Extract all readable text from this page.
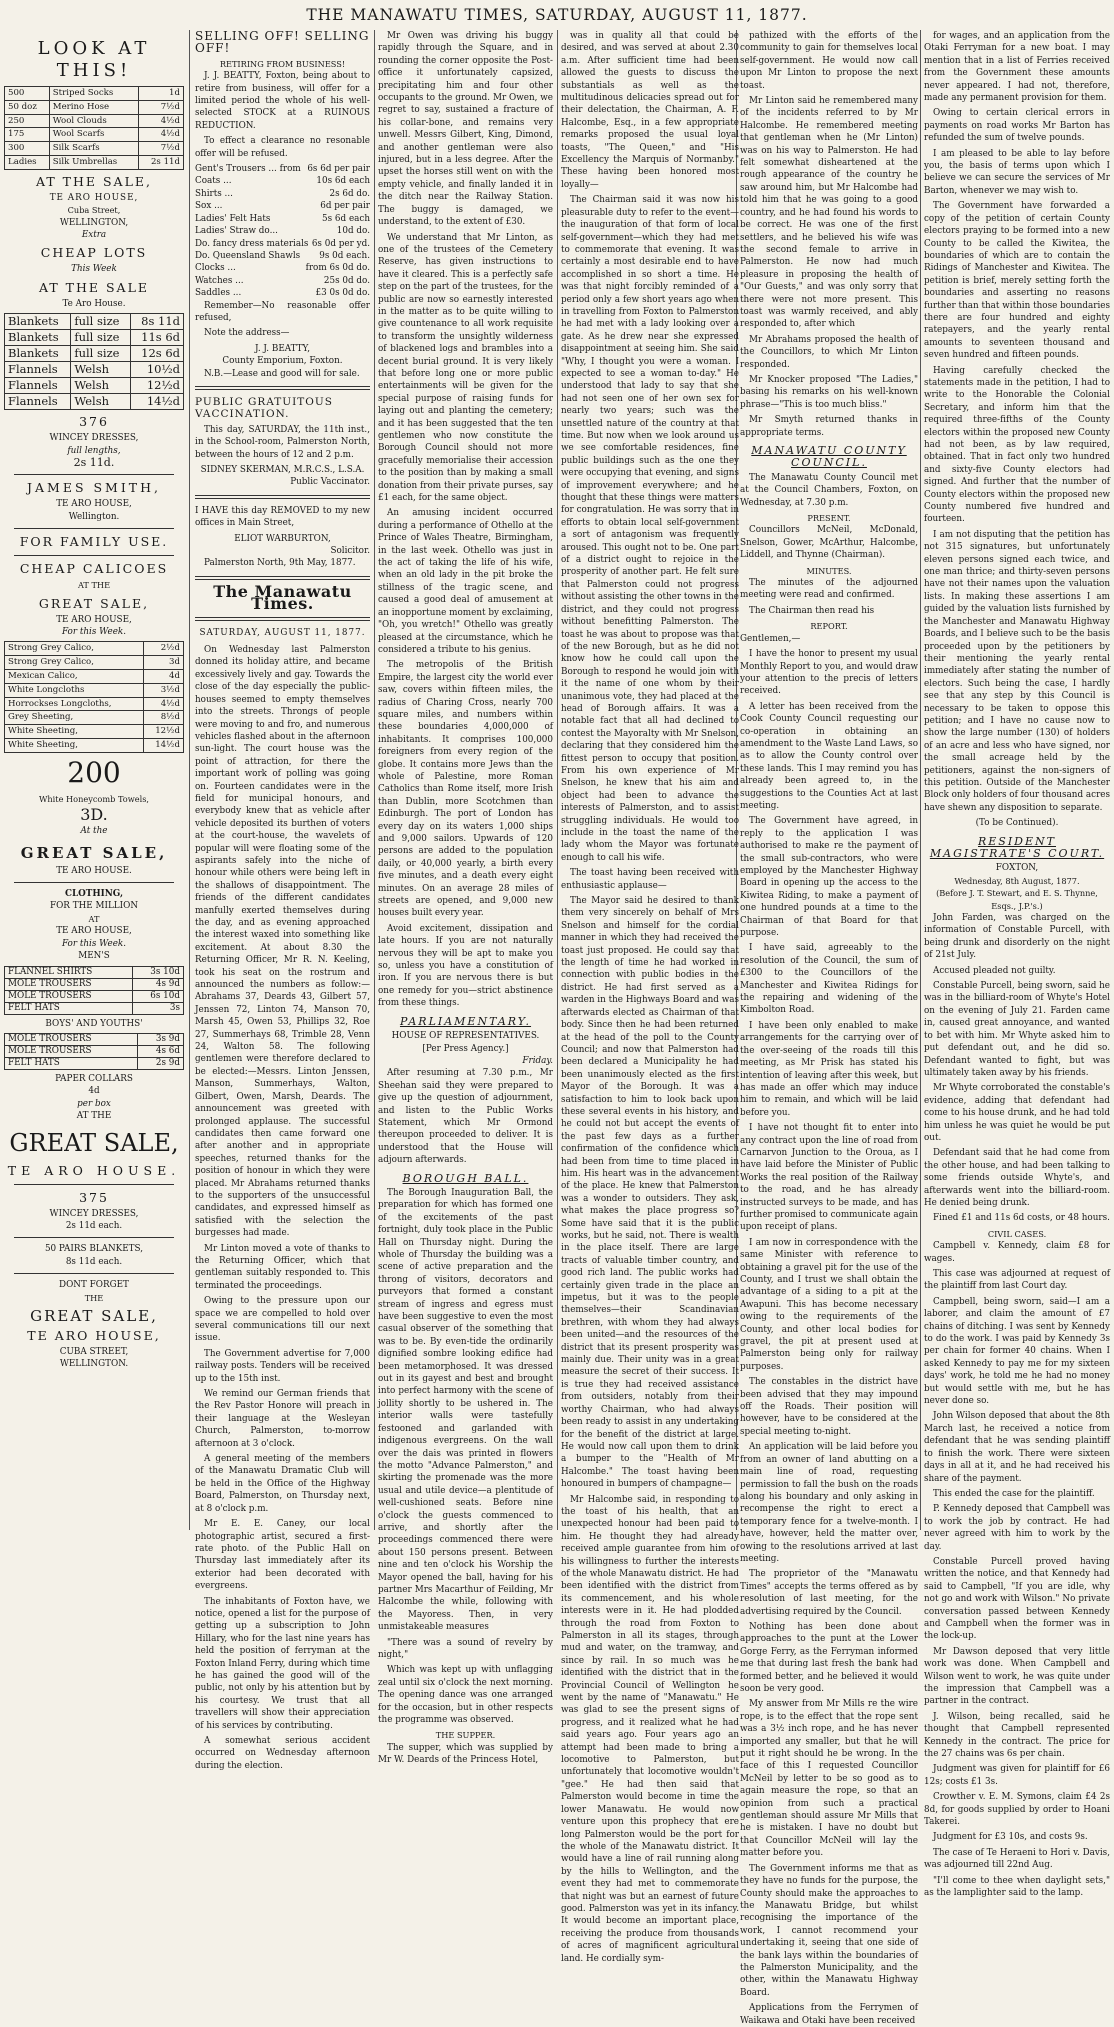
THE MANAWATU TIMES, SATURDAY, AUGUST 11, 1877.
LOOK AT THIS!
500	Striped Socks	1d
50 doz	Merino Hose	7½d
250	Wool Clouds	4½d
175	Wool Scarfs	4½d
300	Silk Scarfs	7½d
Ladies	Silk Umbrellas	2s 11d
AT THE SALE,
TE ARO HOUSE,
Cuba Street,
WELLINGTON,
Extra
CHEAP LOTS
This Week
AT THE SALE
Te Aro House.
Blankets	full size	8s 11d
Blankets	full size	11s 6d
Blankets	full size	12s 6d
Flannels	Welsh	10½d
Flannels	Welsh	12½d
Flannels	Welsh	14½d
376
WINCEY DRESSES,
full lengths,
2s 11d.
JAMES SMITH,
TE ARO HOUSE,
Wellington.
FOR FAMILY USE.
CHEAP CALICOES
AT THE
GREAT SALE,
TE ARO HOUSE,
For this Week.
Strong Grey Calico,	2½d
Strong Grey Calico,	3d
Mexican Calico,	4d
White Longcloths	3½d
Horrockses Longcloths,	4½d
Grey Sheeting,	8½d
White Sheeting,	12½d
White Sheeting,	14½d
200
White Honeycomb Towels,
3D.
At the
GREAT SALE,
TE ARO HOUSE.
CLOTHING,
FOR THE MILLION
AT
TE ARO HOUSE,
For this Week.
MEN'S
FLANNEL SHIRTS	3s 10d
MOLE TROUSERS	4s 9d
MOLE TROUSERS	6s 10d
FELT HATS	3s
BOYS' AND YOUTHS'
MOLE TROUSERS	3s 9d
MOLE TROUSERS	4s 6d
FELT HATS	2s 9d
PAPER COLLARS
4d
per box
AT THE
GREAT SALE,
TE ARO HOUSE.
375
WINCEY DRESSES,
2s 11d each.
50 PAIRS BLANKETS,
8s 11d each.
DONT FORGET
THE
GREAT SALE,
TE ARO HOUSE,
CUBA STREET,
WELLINGTON.
SELLING OFF! SELLING OFF!
RETIRING FROM BUSINESS!

J. J. BEATTY, Foxton, being about to retire from business, will offer for a limited period the whole of his well-selected STOCK at a RUINOUS REDUCTION.

To effect a clearance no resonable offer will be refused.

Gent's Trousers ... from 6s 6d per pair
Coats ...	10s 6d each
Shirts ...	2s 6d do.
Sox ...	6d per pair
Ladies' Felt Hats	5s 6d each
Ladies' Straw do...	10d do.
Do. fancy dress materials 6s 0d per yd.
Do. Queensland Shawls 9s 0d each.
Clocks ...	from 6s 0d do.
Watches ...	25s 0d do.
Saddles ...	£3 0s 0d do.

Remember—No reasonable offer refused,

Note the address—

J. J. BEATTY,
County Emporium, Foxton.

N.B.—Lease and good will for sale.

PUBLIC GRATUITOUS VACCINATION.

This day, SATURDAY, the 11th inst., in the School-room, Palmerston North, between the hours of 12 and 2 p.m.

SIDNEY SKERMAN, M.R.C.S., L.S.A.
Public Vaccinator.

I HAVE this day REMOVED to my new offices in Main Street,

ELIOT WARBURTON,
Solicitor.

Palmerston North, 9th May, 1877.

The Manawatu Times.
SATURDAY, AUGUST 11, 1877.

On Wednesday last Palmerston donned its holiday attire, and became excessively lively and gay. Towards the close of the day especially the public-houses seemed to empty themselves into the streets. Throngs of people were moving to and fro, and numerous vehicles flashed about in the afternoon sun-light. The court house was the point of attraction, for there the important work of polling was going on. Fourteen candidates were in the field for municipal honours, and everybody knew that as vehicle after vehicle deposited its burthen of voters at the court-house, the wavelets of popular will were floating some of the aspirants safely into the niche of honour while others were being left in the shallows of disappointment. The friends of the different candidates manfully exerted themselves during the day, and as evening approached the interest waxed into something like excitement. At about 8.30 the Returning Officer, Mr R. N. Keeling, took his seat on the rostrum and announced the numbers as follow:—Abrahams 37, Deards 43, Gilbert 57, Jenssen 72, Linton 74, Manson 70, Marsh 45, Owen 53, Phillips 32, Roe 27, Summerhays 68, Trimble 28, Venn 24, Walton 58. The following gentlemen were therefore declared to be elected:—Messrs. Linton Jenssen, Manson, Summerhays, Walton, Gilbert, Owen, Marsh, Deards. The announcement was greeted with prolonged applause. The successful candidates then came forward one after another and in appropriate speeches, returned thanks for the position of honour in which they were placed. Mr Abrahams returned thanks to the supporters of the unsuccessful candidates, and expressed himself as satisfied with the selection the burgesses had made.

Mr Linton moved a vote of thanks to the Returning Officer, which that gentleman suitably responded to. This terminated the proceedings.

Owing to the pressure upon our space we are compelled to hold over several communications till our next issue.

The Government advertise for 7,000 railway posts. Tenders will be received up to the 15th inst.

We remind our German friends that the Rev Pastor Honore will preach in their language at the Wesleyan Church, Palmerston, to-morrow afternoon at 3 o'clock.

A general meeting of the members of the Manawatu Dramatic Club will be held in the Office of the Highway Board, Palmerston, on Thursday next, at 8 o'clock p.m.

Mr E. E. Caney, our local photographic artist, secured a first-rate photo. of the Public Hall on Thursday last immediately after its exterior had been decorated with evergreens.

The inhabitants of Foxton have, we notice, opened a list for the purpose of getting up a subscription to John Hillary, who for the last nine years has held the position of ferryman at the Foxton Inland Ferry, during which time he has gained the good will of the public, not only by his attention but by his courtesy. We trust that all travellers will show their appreciation of his services by contributing.

A somewhat serious accident occurred on Wednesday afternoon during the election.

Mr Owen was driving his buggy rapidly through the Square, and in rounding the corner opposite the Post-office it unfortunately capsized, precipitating him and four other occupants to the ground. Mr Owen, we regret to say, sustained a fracture of his collar-bone, and remains very unwell. Messrs Gilbert, King, Dimond, and another gentleman were also injured, but in a less degree. After the upset the horses still went on with the empty vehicle, and finally landed it in the ditch near the Railway Station. The buggy is damaged, we understand, to the extent of £30.

We understand that Mr Linton, as one of the trustees of the Cemetery Reserve, has given instructions to have it cleared. This is a perfectly safe step on the part of the trustees, for the public are now so earnestly interested in the matter as to be quite willing to give countenance to all work requisite to transform the unsightly wilderness of blackened logs and brambles into a decent burial ground. It is very likely that before long one or more public entertainments will be given for the special purpose of raising funds for laying out and planting the cemetery; and it has been suggested that the ten gentlemen who now constitute the Borough Council should not more gracefully memorialise their accession to the position than by making a small donation from their private purses, say £1 each, for the same object.

An amusing incident occurred during a performance of Othello at the Prince of Wales Theatre, Birmingham, in the last week. Othello was just in the act of taking the life of his wife, when an old lady in the pit broke the stillness of the tragic scene, and caused a good deal of amusement at an inopportune moment by exclaiming, "Oh, you wretch!" Othello was greatly pleased at the circumstance, which he considered a tribute to his genius.

The metropolis of the British Empire, the largest city the world ever saw, covers within fifteen miles, the radius of Charing Cross, nearly 700 square miles, and numbers within these boundaries 4,000,000 of inhabitants. It comprises 100,000 foreigners from every region of the globe. It contains more Jews than the whole of Palestine, more Roman Catholics than Rome itself, more Irish than Dublin, more Scotchmen than Edinburgh. The port of London has every day on its waters 1,000 ships and 9,000 sailors. Upwards of 120 persons are added to the population daily, or 40,000 yearly, a birth every five minutes, and a death every eight minutes. On an average 28 miles of streets are opened, and 9,000 new houses built every year.

Avoid excitement, dissipation and late hours. If you are not naturally nervous they will be apt to make you so, unless you have a constitution of iron. If you are nervous there is but one remedy for you—strict abstinence from these things.

PARLIAMENTARY.
HOUSE OF REPRESENTATIVES.
[Per Press Agency.]
Friday.

After resuming at 7.30 p.m., Mr Sheehan said they were prepared to give up the question of adjournment, and listen to the Public Works Statement, which Mr Ormond thereupon proceeded to deliver. It is understood that the House will adjourn afterwards.

BOROUGH BALL.

The Borough Inauguration Ball, the preparation for which has formed one of the excitements of the past fortnight, duly took place in the Public Hall on Thursday night. During the whole of Thursday the building was a scene of active preparation and the throng of visitors, decorators and purveyors that formed a constant stream of ingress and egress must have been suggestive to even the most casual observer of the something that was to be. By even-tide the ordinarily dignified sombre looking edifice had been metamorphosed. It was dressed out in its gayest and best and brought into perfect harmony with the scene of jollity shortly to be ushered in. The interior walls were tastefully festooned and garlanded with indigenous evergreens. On the wall over the dais was printed in flowers the motto "Advance Palmerston," and skirting the promenade was the more usual and utile device—a plentitude of well-cushioned seats. Before nine o'clock the guests commenced to arrive, and shortly after the proceedings commenced there were about 150 persons present. Between nine and ten o'clock his Worship the Mayor opened the ball, having for his partner Mrs Macarthur of Feilding, Mr Halcombe the while, following with the Mayoress. Then, in very unmistakeable measures

"There was a sound of revelry by night,"

Which was kept up with unflagging zeal until six o'clock the next morning. The opening dance was one arranged for the occasion, but in other respects the programme was observed.

THE SUPPER.

The supper, which was supplied by Mr W. Deards of the Princess Hotel,

was in quality all that could be desired, and was served at about 2.30 a.m. After sufficient time had been allowed the guests to discuss the substantials as well as the multitudinous delicacies spread out for their delectation, the Chairman, A. F. Halcombe, Esq., in a few appropriate remarks proposed the usual loyal toasts, "The Queen," and "His Excellency the Marquis of Normanby." These having been honored most loyally—

The Chairman said it was now his pleasurable duty to refer to the event—the inauguration of that form of local self-government—which they had met to commemorate that evening. It was certainly a most desirable end to have accomplished in so short a time. He was that night forcibly reminded of a period only a few short years ago when in travelling from Foxton to Palmerston he had met with a lady looking over a gate. As he drew near she expressed disappointment at seeing him. She said "Why, I thought you were a woman. I expected to see a woman to-day." He understood that lady to say that she had not seen one of her own sex for nearly two years; such was the unsettled nature of the country at that time. But now when we look around us we see comfortable residences, fine public buildings such as the one they were occupying that evening, and signs of improvement everywhere; and he thought that these things were matters for congratulation. He was sorry that in efforts to obtain local self-government a sort of antagonism was frequently aroused. This ought not to be. One part of a district ought to rejoice in the prosperity of another part. He felt sure that Palmerston could not progress without assisting the other towns in the district, and they could not progress without benefitting Palmerston. The toast he was about to propose was that of the new Borough, but as he did not know how he could call upon the Borough to respond he would join with it the name of one whom by their unanimous vote, they had placed at the head of Borough affairs. It was a notable fact that all had declined to contest the Mayoralty with Mr Snelson, declaring that they considered him the fittest person to occupy that position. From his own experience of Mr Snelson, he knew that his aim and object had been to advance the interests of Palmerston, and to assist struggling individuals. He would too include in the toast the name of the lady whom the Mayor was fortunate enough to call his wife.

The toast having been received with enthusiastic applause—

The Mayor said he desired to thank them very sincerely on behalf of Mrs Snelson and himself for the cordial manner in which they had received the toast just proposed. He could say that the length of time he had worked in connection with public bodies in the district. He had first served as a warden in the Highways Board and was afterwards elected as Chairman of that body. Since then he had been returned at the head of the poll to the County Council; and now that Palmerston had been declared a Municipality he had been unanimously elected as the first Mayor of the Borough. It was a satisfaction to him to look back upon these several events in his history, and he could not but accept the events of the past few days as a further confirmation of the confidence which had been from time to time placed in him. His heart was in the advancement of the place. He knew that Palmerston was a wonder to outsiders. They ask, what makes the place progress so? Some have said that it is the public works, but he said, not. There is wealth in the place itself. There are large tracts of valuable timber country, and good rich land. The public works had certainly given trade in the place an impetus, but it was to the people themselves—their Scandinavian brethren, with whom they had always been united—and the resources of the district that its present prosperity was mainly due. Their unity was in a great measure the secret of their success. It is true they had received assistance from outsiders, notably from their worthy Chairman, who had always been ready to assist in any undertaking for the benefit of the district at large. He would now call upon them to drink a bumper to the "Health of Mr Halcombe." The toast having been honoured in bumpers of champagne—

Mr Halcombe said, in responding to the toast of his health, that an unexpected honour had been paid to him. He thought they had already received ample guarantee from him of his willingness to further the interests of the whole Manawatu district. He had been identified with the district from its commencement, and his whole interests were in it. He had plodded through the road from Foxton to Palmerston in all its stages, through mud and water, on the tramway, and since by rail. In so much was he identified with the district that in the Provincial Council of Wellington he went by the name of "Manawatu." He was glad to see the present signs of progress, and it realized what he had said years ago. Four years ago an attempt had been made to bring a locomotive to Palmerston, but unfortunately that locomotive wouldn't "gee." He had then said that Palmerston would become in time the lower Manawatu. He would now venture upon this prophecy that ere long Palmerston would be the port for the whole of the Manawatu district. It would have a line of rail running along by the hills to Wellington, and the event they had met to commemorate that night was but an earnest of future good. Palmerston was yet in its infancy. It would become an important place, receiving the produce from thousands of acres of magnificent agricultural land. He cordially sym-

pathized with the efforts of the community to gain for themselves local self-government. He would now call upon Mr Linton to propose the next toast.

Mr Linton said he remembered many of the incidents referred to by Mr Halcombe. He remembered meeting that gentleman when he (Mr Linton) was on his way to Palmerston. He had felt somewhat disheartened at the rough appearance of the country he saw around him, but Mr Halcombe had told him that he was going to a good country, and he had found his words to be correct. He was one of the first settlers, and he believed his wife was the second female to arrive in Palmerston. He now had much pleasure in proposing the health of "Our Guests," and was only sorry that there were not more present. This toast was warmly received, and ably responded to, after which

Mr Abrahams proposed the health of the Councillors, to which Mr Linton responded.

Mr Knocker proposed "The Ladies," basing his remarks on his well-known phrase—"This is too much bliss."

Mr Smyth returned thanks in appropriate terms.

MANAWATU COUNTY COUNCIL.

The Manawatu County Council met at the Council Chambers, Foxton, on Wednesday, at 7.30 p.m.

PRESENT.

Councillors McNeil, McDonald, Snelson, Gower, McArthur, Halcombe, Liddell, and Thynne (Chairman).

MINUTES.

The minutes of the adjourned meeting were read and confirmed.

The Chairman then read his

REPORT.

Gentlemen,—

I have the honor to present my usual Monthly Report to you, and would draw your attention to the precis of letters received.

A letter has been received from the Cook County Council requesting our co-operation in obtaining an amendment to the Waste Land Laws, so as to allow the County control over these lands. This I may remind you has already been agreed to, in the suggestions to the Counties Act at last meeting.

The Government have agreed, in reply to the application I was authorised to make re the payment of the small sub-contractors, who were employed by the Manchester Highway Board in opening up the access to the Kiwitea Riding, to make a payment of one hundred pounds at a time to the Chairman of that Board for that purpose.

I have said, agreeably to the resolution of the Council, the sum of £300 to the Councillors of the Manchester and Kiwitea Ridings for the repairing and widening of the Kimbolton Road.

I have been only enabled to make arrangements for the carrying over of the over-seeing of the roads till this meeting, as Mr Prisk has stated his intention of leaving after this week, but has made an offer which may induce him to remain, and which will be laid before you.

I have not thought fit to enter into any contract upon the line of road from Carnarvon Junction to the Oroua, as I have laid before the Minister of Public Works the real position of the Railway to the road, and he has already instructed surveys to be made, and has further promised to communicate again upon receipt of plans.

I am now in correspondence with the same Minister with reference to obtaining a gravel pit for the use of the County, and I trust we shall obtain the advantage of a siding to a pit at the Awapuni. This has become necessary owing to the requirements of the County, and other local bodies for gravel, the pit at present used at Palmerston being only for railway purposes.

The constables in the district have been advised that they may impound off the Roads. Their position will however, have to be considered at the special meeting to-night.

An application will be laid before you from an owner of land abutting on a main line of road, requesting permission to fall the bush on the roads along his boundary and only asking in recompense the right to erect a temporary fence for a twelve-month. I have, however, held the matter over, owing to the resolutions arrived at last meeting.

The proprietor of the "Manawatu Times" accepts the terms offered as by resolution of last meeting, for the advertising required by the Council.

Nothing has been done about approaches to the punt at the Lower Gorge Ferry, as the Ferryman informed me that during last fresh the bank had formed better, and he believed it would soon be very good.

My answer from Mr Mills re the wire rope, is to the effect that the rope sent was a 3½ inch rope, and he has never imported any smaller, but that he will put it right should he be wrong. In the face of this I requested Councillor McNeil by letter to be so good as to again measure the rope, so that an opinion from such a practical gentleman should assure Mr Mills that he is mistaken. I have no doubt but that Councillor McNeil will lay the matter before you.

The Government informs me that as they have no funds for the purpose, the County should make the approaches to the Manawatu Bridge, but whilst recognising the importance of the work, I cannot recommend your undertaking it, seeing that one side of the bank lays within the boundaries of the Palmerston Municipality, and the other, within the Manawatu Highway Board.

Applications from the Ferrymen of Waikawa and Otaki have been received

for wages, and an application from the Otaki Ferryman for a new boat. I may mention that in a list of Ferries received from the Government these amounts never appeared. I had not, therefore, made any permanent provision for them.

Owing to certain clerical errors in payments on road works Mr Barton has refunded the sum of twelve pounds.

I am pleased to be able to lay before you, the basis of terms upon which I believe we can secure the services of Mr Barton, whenever we may wish to.

The Government have forwarded a copy of the petition of certain County electors praying to be formed into a new County to be called the Kiwitea, the boundaries of which are to contain the Ridings of Manchester and Kiwitea. The petition is brief, merely setting forth the boundaries and asserting no reasons further than that within those boundaries there are four hundred and eighty ratepayers, and the yearly rental amounts to seventeen thousand and seven hundred and fifteen pounds.

Having carefully checked the statements made in the petition, I had to write to the Honorable the Colonial Secretary, and inform him that the required three-fifths of the County electors within the proposed new County had not been, as by law required, obtained. That in fact only two hundred and sixty-five County electors had signed. And further that the number of County electors within the proposed new County numbered five hundred and fourteen.

I am not disputing that the petition has not 315 signatures, but unfortunately eleven persons signed each twice, and one man thrice; and thirty-seven persons have not their names upon the valuation lists. In making these assertions I am guided by the valuation lists furnished by the Manchester and Manawatu Highway Boards, and I believe such to be the basis proceeded upon by the petitioners by their mentioning the yearly rental immediately after stating the number of electors. Such being the case, I hardly see that any step by this Council is necessary to be taken to oppose this petition; and I have no cause now to show the large number (130) of holders of an acre and less who have signed, nor the small acreage held by the petitioners, against the non-signers of this petition. Outside of the Manchester Block only holders of four thousand acres have shewn any disposition to separate.

(To be Continued).
RESIDENT MAGISTRATE'S COURT.
FOXTON,
Wednesday, 8th August, 1877.
(Before J. T. Stewart, and E. S. Thynne, Esqs., J.P.'s.)

John Farden, was charged on the information of Constable Purcell, with being drunk and disorderly on the night of 21st July.

Accused pleaded not guilty.

Constable Purcell, being sworn, said he was in the billiard-room of Whyte's Hotel on the evening of July 21. Farden came in, caused great annoyance, and wanted to bet with him. Mr Whyte asked him to put defendant out, and he did so. Defendant wanted to fight, but was ultimately taken away by his friends.

Mr Whyte corroborated the constable's evidence, adding that defendant had come to his house drunk, and he had told him unless he was quiet he would be put out.

Defendant said that he had come from the other house, and had been talking to some friends outside Whyte's, and afterwards went into the billiard-room. He denied being drunk.

Fined £1 and 11s 6d costs, or 48 hours.

CIVIL CASES.

Campbell v. Kennedy, claim £8 for wages.

This case was adjourned at request of the plaintiff from last Court day.

Campbell, being sworn, said—I am a laborer, and claim the amount of £7 chains of ditching. I was sent by Kennedy to do the work. I was paid by Kennedy 3s per chain for former 40 chains. When I asked Kennedy to pay me for my sixteen days' work, he told me he had no money but would settle with me, but he has never done so.

John Wilson deposed that about the 8th March last, he received a notice from defendant that he was sending plaintiff to finish the work. There were sixteen days in all at it, and he had received his share of the payment.

This ended the case for the plaintiff.

P. Kennedy deposed that Campbell was to work the job by contract. He had never agreed with him to work by the day.

Constable Purcell proved having written the notice, and that Kennedy had said to Campbell, "If you are idle, why not go and work with Wilson." No private conversation passed between Kennedy and Campbell when the former was in the lock-up.

Mr Dawson deposed that very little work was done. When Campbell and Wilson went to work, he was quite under the impression that Campbell was a partner in the contract.

J. Wilson, being recalled, said he thought that Campbell represented Kennedy in the contract. The price for the 27 chains was 6s per chain.

Judgment was given for plaintiff for £6 12s; costs £1 3s.

Crowther v. E. M. Symons, claim £4 2s 8d, for goods supplied by order to Hoani Takerei.

Judgment for £3 10s, and costs 9s.

The case of Te Heraeni to Hori v. Davis, was adjourned till 22nd Aug.

"I'll come to thee when daylight sets," as the lamplighter said to the lamp.
